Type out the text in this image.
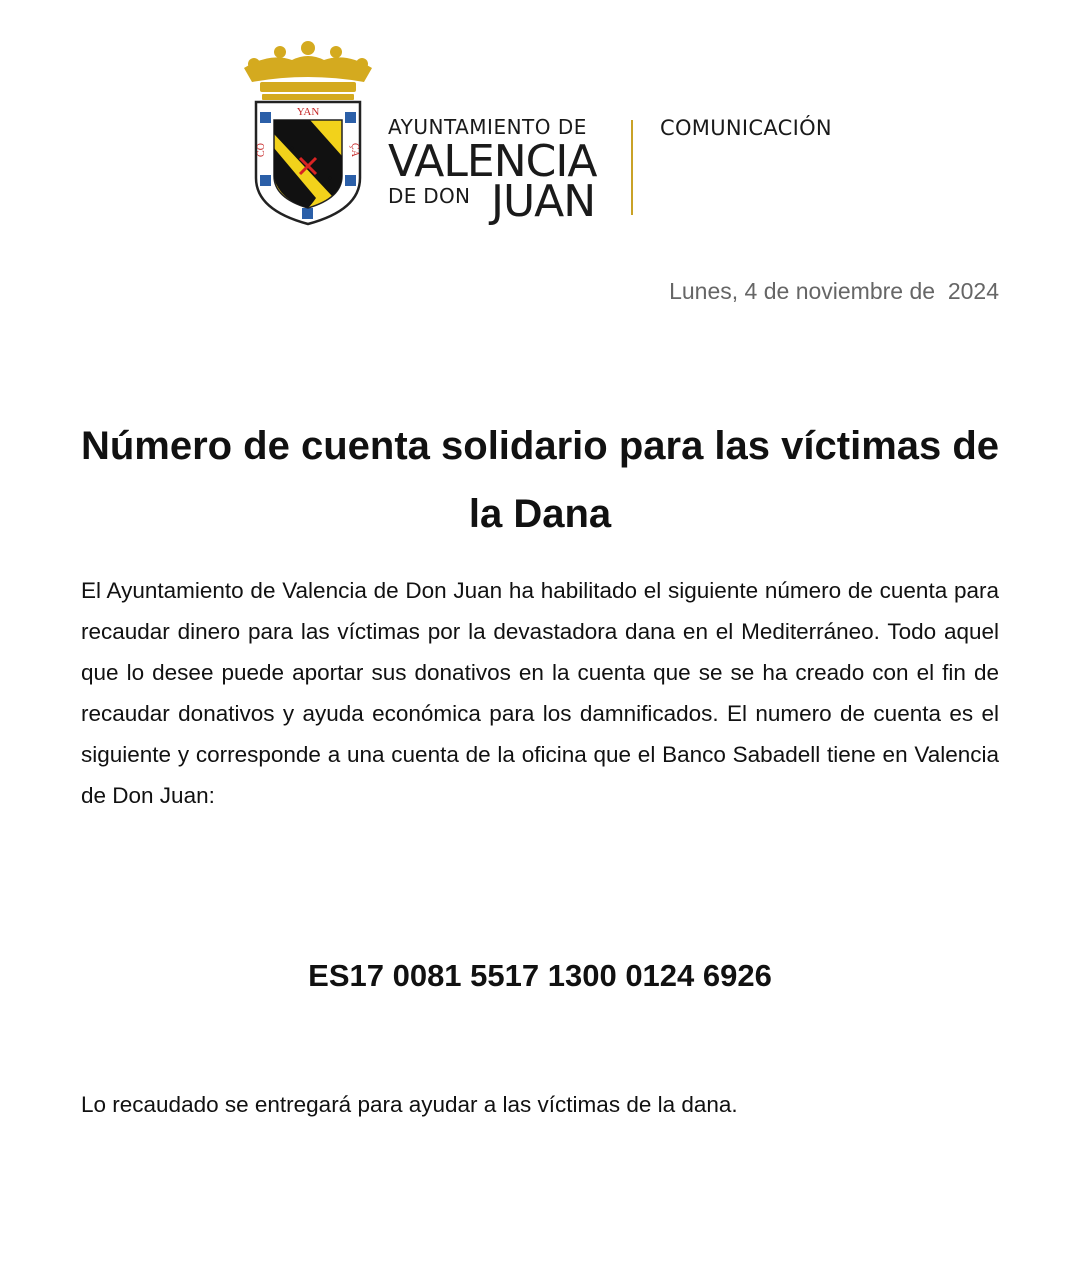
YAN
CO	ÇA
AYUNTAMIENTO DE
VALENCIA
DE DON JUAN
COMUNICACIÓN
Lunes, 4 de noviembre de  2024
Número de cuenta solidario para las víctimas de la Dana
El Ayuntamiento de Valencia de Don Juan ha habilitado el siguiente número de cuenta para recaudar dinero para las víctimas por la devastadora dana en el Mediterráneo. Todo aquel que lo desee puede aportar sus donativos en la cuenta que se se ha creado con el fin de recaudar donativos y ayuda económica para los damnificados. El numero de cuenta es el siguiente y corresponde a una cuenta de la oficina que el Banco Sabadell tiene en Valencia de Don Juan:
ES17 0081 5517 1300 0124 6926
Lo recaudado se entregará para ayudar a las víctimas de la dana.
